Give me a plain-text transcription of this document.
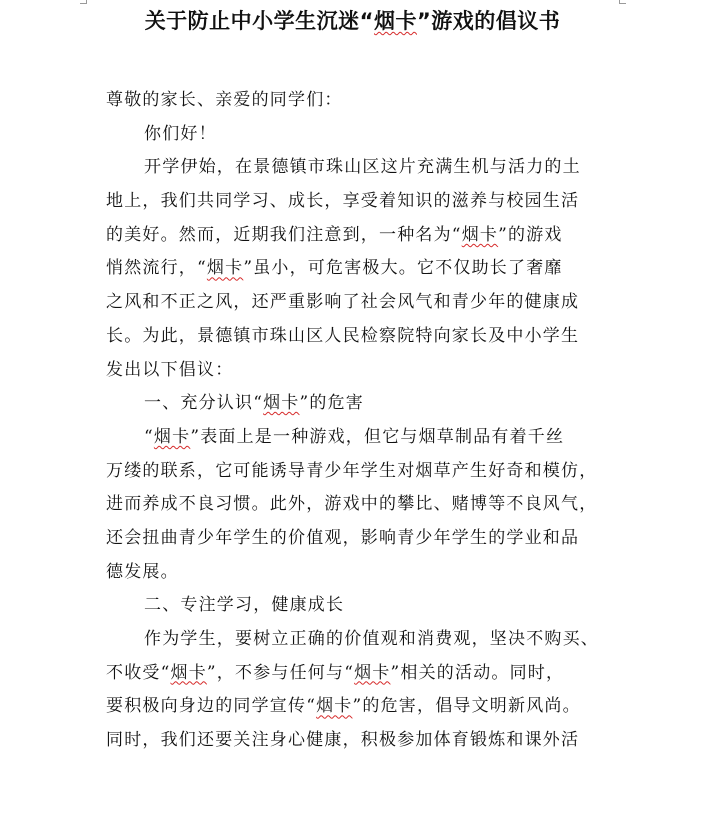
关于防止中小学生沉迷“烟卡”游戏的倡议书
尊敬的家长、亲爱的同学们：
你们好！
开学伊始，在景德镇市珠山区这片充满生机与活力的土
地上，我们共同学习、成长，享受着知识的滋养与校园生活
的美好。然而，近期我们注意到，一种名为“烟卡”的游戏
悄然流行，“烟卡”虽小，可危害极大。它不仅助长了奢靡
之风和不正之风，还严重影响了社会风气和青少年的健康成
长。为此，景德镇市珠山区人民检察院特向家长及中小学生
发出以下倡议：
一、充分认识“烟卡”的危害
“烟卡”表面上是一种游戏，但它与烟草制品有着千丝
万缕的联系，它可能诱导青少年学生对烟草产生好奇和模仿，
进而养成不良习惯。此外，游戏中的攀比、赌博等不良风气，
还会扭曲青少年学生的价值观，影响青少年学生的学业和品
德发展。
二、专注学习，健康成长
作为学生，要树立正确的价值观和消费观，坚决不购买、
不收受“烟卡”，不参与任何与“烟卡”相关的活动。同时，
要积极向身边的同学宣传“烟卡”的危害，倡导文明新风尚。
同时，我们还要关注身心健康，积极参加体育锻炼和课外活
